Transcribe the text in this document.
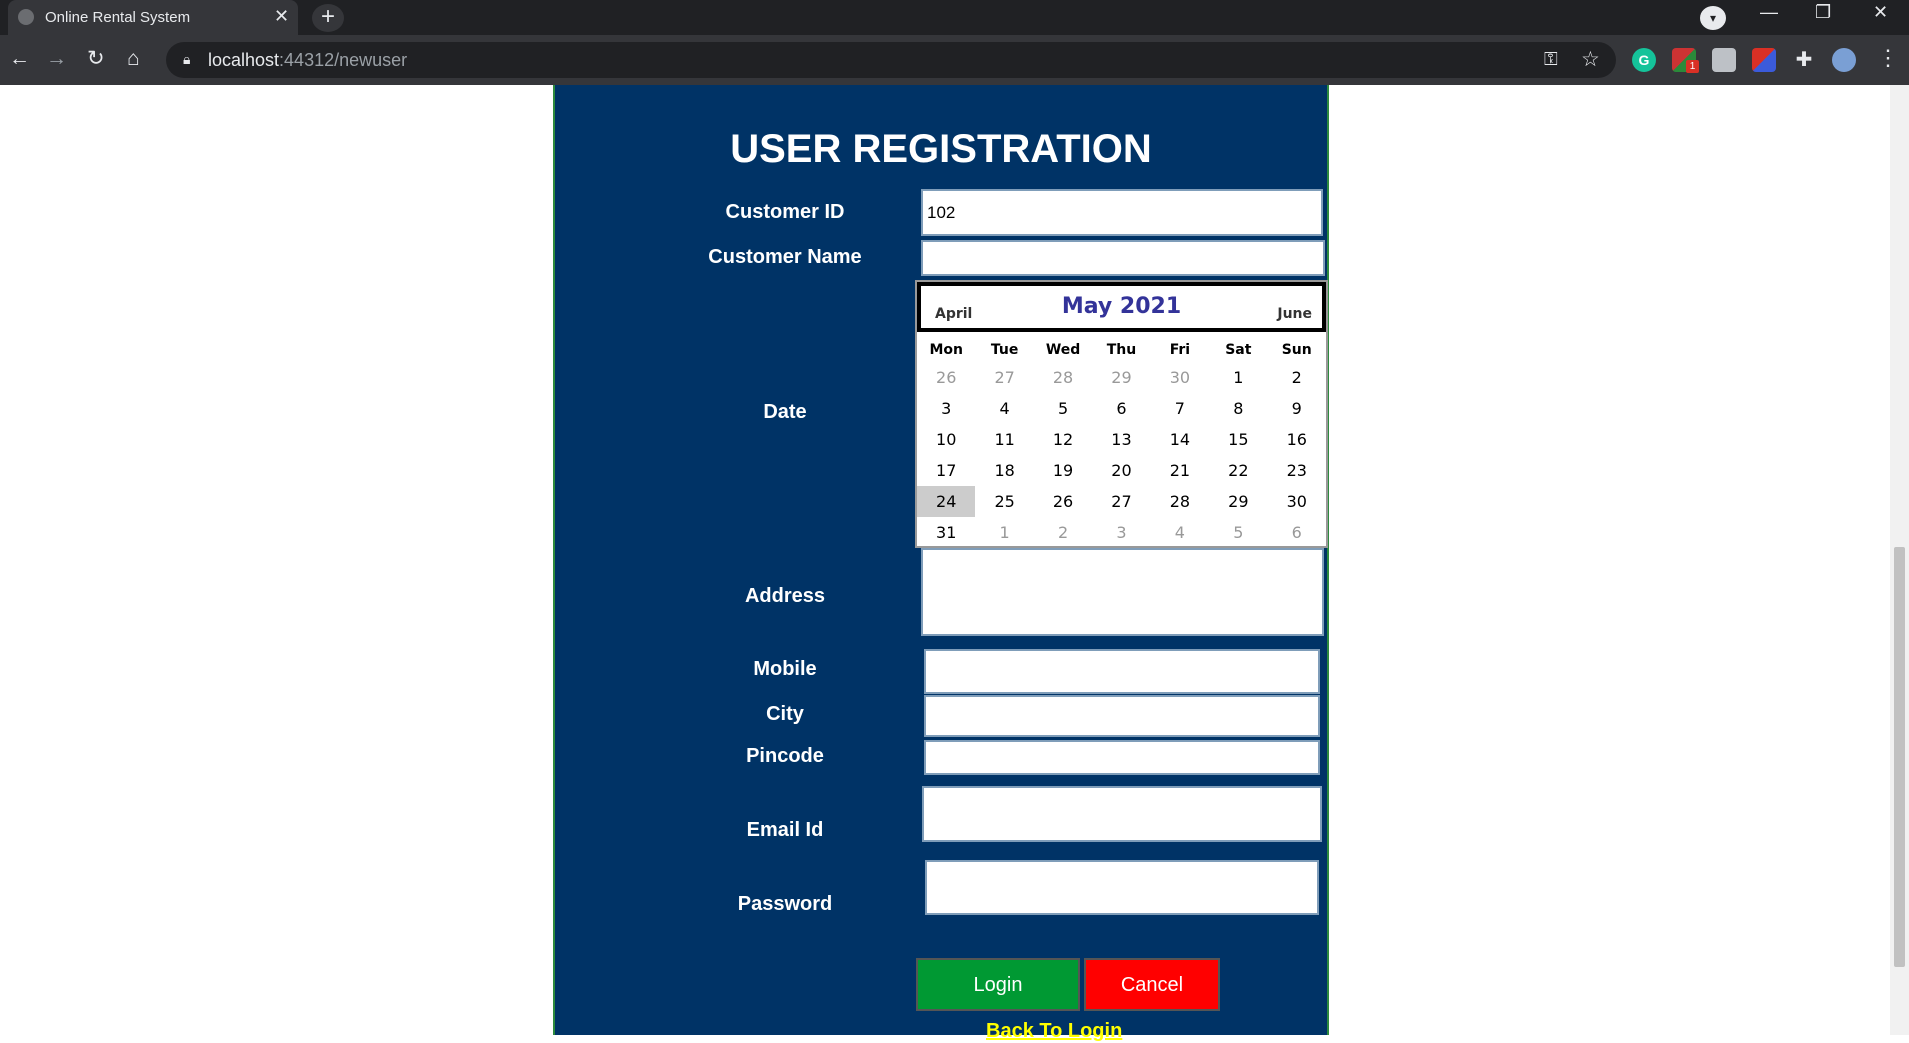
Online Rental System	✕	+	▾	— ❐ ✕
← → ↻ ⌂	🔒︎ localhost:44312/newuser	⚿ ☆	G	1	✚	⋮
USER REGISTRATION
Customer ID
102
Customer Name
Date
April	May 2021	June
Mon	Tue	Wed	Thu	Fri	Sat	Sun
26	27	28	29	30	1	2
3	4	5	6	7	8	9
10	11	12	13	14	15	16
17	18	19	20	21	22	23
24	25	26	27	28	29	30
31	1	2	3	4	5	6
Address
Mobile
City
Pincode
Email Id
Password
Login	Cancel
Back To Login
